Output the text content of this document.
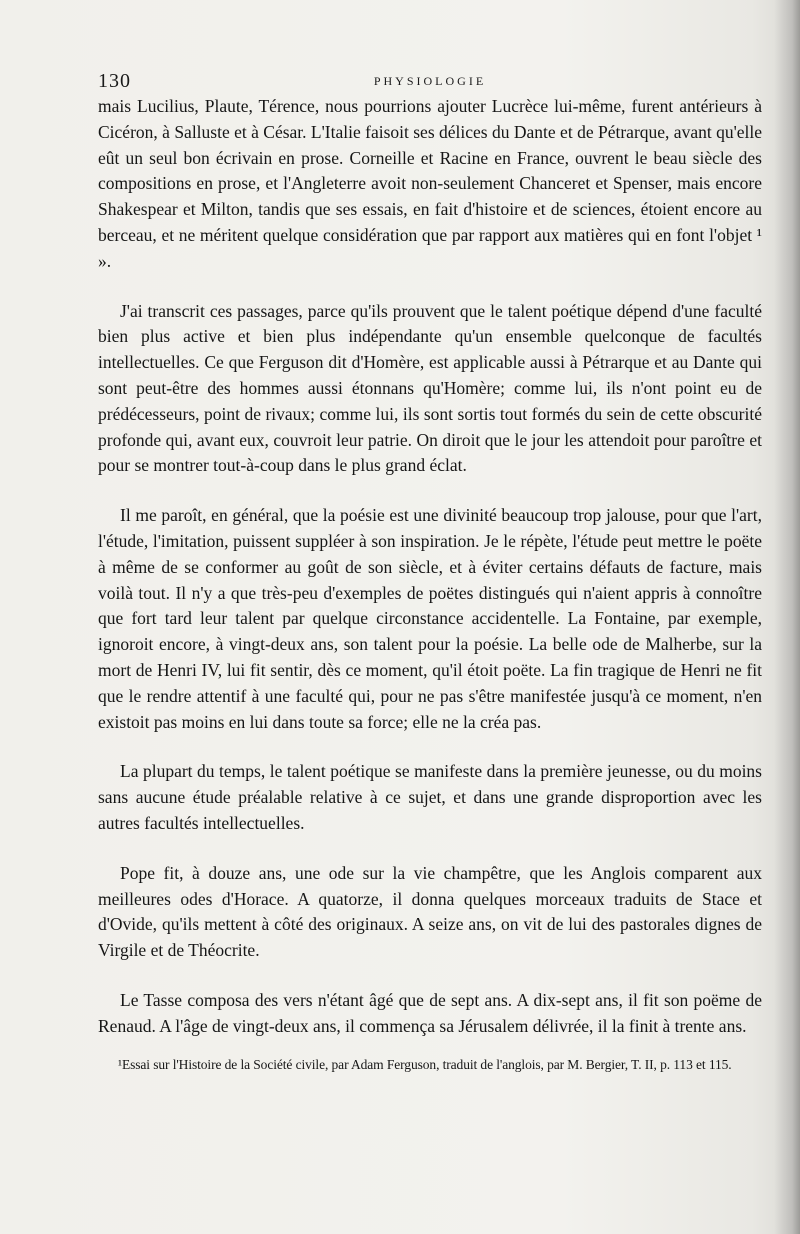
130	PHYSIOLOGIE

mais Lucilius, Plaute, Térence, nous pourrions ajouter Lucrèce lui-même, furent antérieurs à Cicéron, à Salluste et à César. L'Italie faisoit ses délices du Dante et de Pétrarque, avant qu'elle eût un seul bon écrivain en prose. Corneille et Racine en France, ouvrent le beau siècle des compositions en prose, et l'Angleterre avoit non-seulement Chanceret et Spenser, mais encore Shakespear et Milton, tandis que ses essais, en fait d'histoire et de sciences, étoient encore au berceau, et ne méritent quelque considération que par rapport aux matières qui en font l'objet ¹ ».

J'ai transcrit ces passages, parce qu'ils prouvent que le talent poétique dépend d'une faculté bien plus active et bien plus indépendante qu'un ensemble quelconque de facultés intellectuelles. Ce que Ferguson dit d'Homère, est applicable aussi à Pétrarque et au Dante qui sont peut-être des hommes aussi étonnans qu'Homère; comme lui, ils n'ont point eu de prédécesseurs, point de rivaux; comme lui, ils sont sortis tout formés du sein de cette obscurité profonde qui, avant eux, couvroit leur patrie. On diroit que le jour les attendoit pour paroître et pour se montrer tout-à-coup dans le plus grand éclat.

Il me paroît, en général, que la poésie est une divinité beaucoup trop jalouse, pour que l'art, l'étude, l'imitation, puissent suppléer à son inspiration. Je le répète, l'étude peut mettre le poëte à même de se conformer au goût de son siècle, et à éviter certains défauts de facture, mais voilà tout. Il n'y a que très-peu d'exemples de poëtes distingués qui n'aient appris à connoître que fort tard leur talent par quelque circonstance accidentelle. La Fontaine, par exemple, ignoroit encore, à vingt-deux ans, son talent pour la poésie. La belle ode de Malherbe, sur la mort de Henri IV, lui fit sentir, dès ce moment, qu'il étoit poëte. La fin tragique de Henri ne fit que le rendre attentif à une faculté qui, pour ne pas s'être manifestée jusqu'à ce moment, n'en existoit pas moins en lui dans toute sa force; elle ne la créa pas.

La plupart du temps, le talent poétique se manifeste dans la première jeunesse, ou du moins sans aucune étude préalable relative à ce sujet, et dans une grande disproportion avec les autres facultés intellectuelles.

Pope fit, à douze ans, une ode sur la vie champêtre, que les Anglois comparent aux meilleures odes d'Horace. A quatorze, il donna quelques morceaux traduits de Stace et d'Ovide, qu'ils mettent à côté des originaux. A seize ans, on vit de lui des pastorales dignes de Virgile et de Théocrite.

Le Tasse composa des vers n'étant âgé que de sept ans. A dix-sept ans, il fit son poëme de Renaud. A l'âge de vingt-deux ans, il commença sa Jérusalem délivrée, il la finit à trente ans.

¹Essai sur l'Histoire de la Société civile, par Adam Ferguson, traduit de l'anglois, par M. Bergier, T. II, p. 113 et 115.
